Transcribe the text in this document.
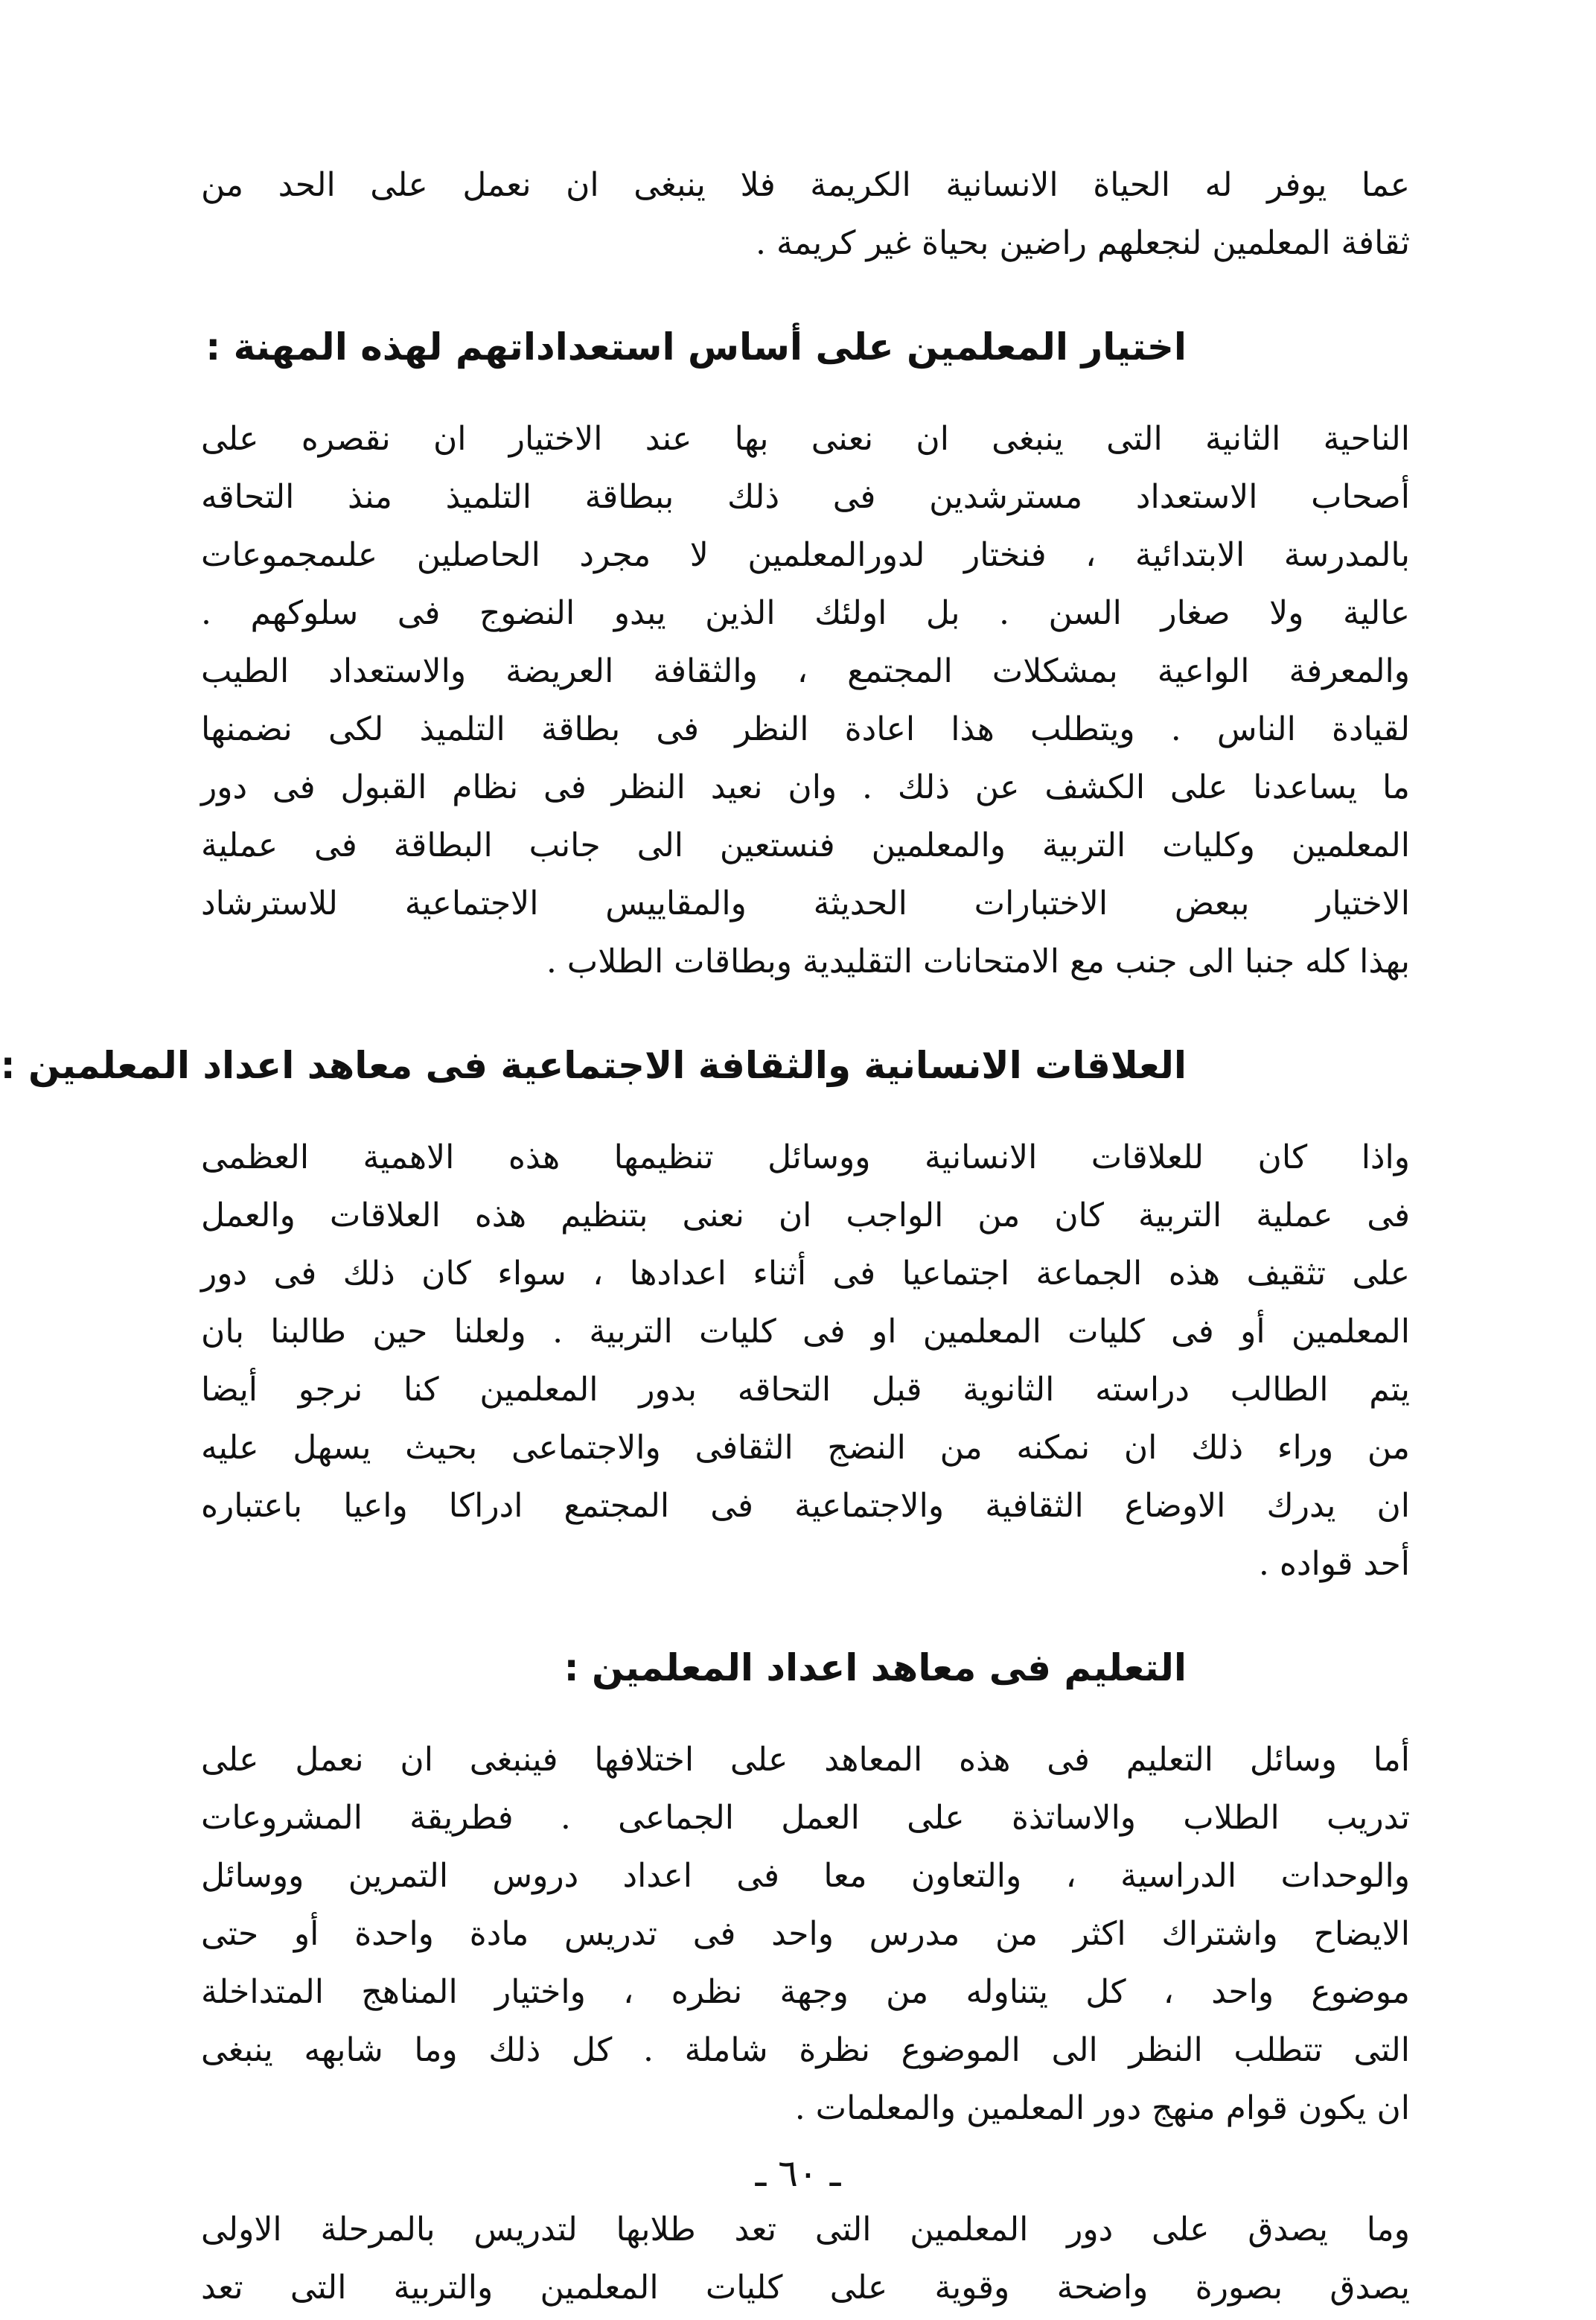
عما يوفر له الحياة الانسانية الكريمة فلا ينبغى ان نعمل على الحد من
ثقافة المعلمين لنجعلهم راضين بحياة غير كريمة .
اختيار المعلمين على أساس استعداداتهم لهذه المهنة :
الناحية الثانية التى ينبغى ان نعنى بها عند الاختيار ان نقصره على
أصحاب الاستعداد مسترشدين فى ذلك ببطاقة التلميذ منذ التحاقه
بالمدرسة الابتدائية ، فنختار لدورالمعلمين لا مجرد الحاصلين علىمجموعات
عالية ولا صغار السن . بل اولئك الذين يبدو النضوج فى سلوكهم .
والمعرفة الواعية بمشكلات المجتمع ، والثقافة العريضة والاستعداد الطيب
لقيادة الناس . ويتطلب هذا اعادة النظر فى بطاقة التلميذ لكى نضمنها
ما يساعدنا على الكشف عن ذلك . وان نعيد النظر فى نظام القبول فى دور
المعلمين وكليات التربية والمعلمين فنستعين الى جانب البطاقة فى عملية
الاختيار ببعض الاختبارات الحديثة والمقاييس الاجتماعية للاسترشاد
بهذا كله جنبا الى جنب مع الامتحانات التقليدية وبطاقات الطلاب .
العلاقات الانسانية والثقافة الاجتماعية فى معاهد اعداد المعلمين :
واذا كان للعلاقات الانسانية ووسائل تنظيمها هذه الاهمية العظمى
فى عملية التربية كان من الواجب ان نعنى بتنظيم هذه العلاقات والعمل
على تثقيف هذه الجماعة اجتماعيا فى أثناء اعدادها ، سواء كان ذلك فى دور
المعلمين أو فى كليات المعلمين او فى كليات التربية . ولعلنا حين طالبنا بان
يتم الطالب دراسته الثانوية قبل التحاقه بدور المعلمين كنا نرجو أيضا
من وراء ذلك ان نمكنه من النضج الثقافى والاجتماعى بحيث يسهل عليه
ان يدرك الاوضاع الثقافية والاجتماعية فى المجتمع ادراكا واعيا باعتباره
أحد قواده .
التعليم فى معاهد اعداد المعلمين :
أما وسائل التعليم فى هذه المعاهد على اختلافها فينبغى ان نعمل على
تدريب الطلاب والاساتذة على العمل الجماعى . فطريقة المشروعات
والوحدات الدراسية ، والتعاون معا فى اعداد دروس التمرين ووسائل
الايضاح واشتراك اكثر من مدرس واحد فى تدريس مادة واحدة أو حتى
موضوع واحد ، كل يتناوله من وجهة نظره ، واختيار المناهج المتداخلة
التى تتطلب النظر الى الموضوع نظرة شاملة . كل ذلك وما شابهه ينبغى
ان يكون قوام منهج دور المعلمين والمعلمات .
وما يصدق على دور المعلمين التى تعد طلابها لتدريس بالمرحلة الاولى
يصدق بصورة واضحة وقوية على كليات المعلمين والتربية التى تعد
ـ ٦٠ ـ
